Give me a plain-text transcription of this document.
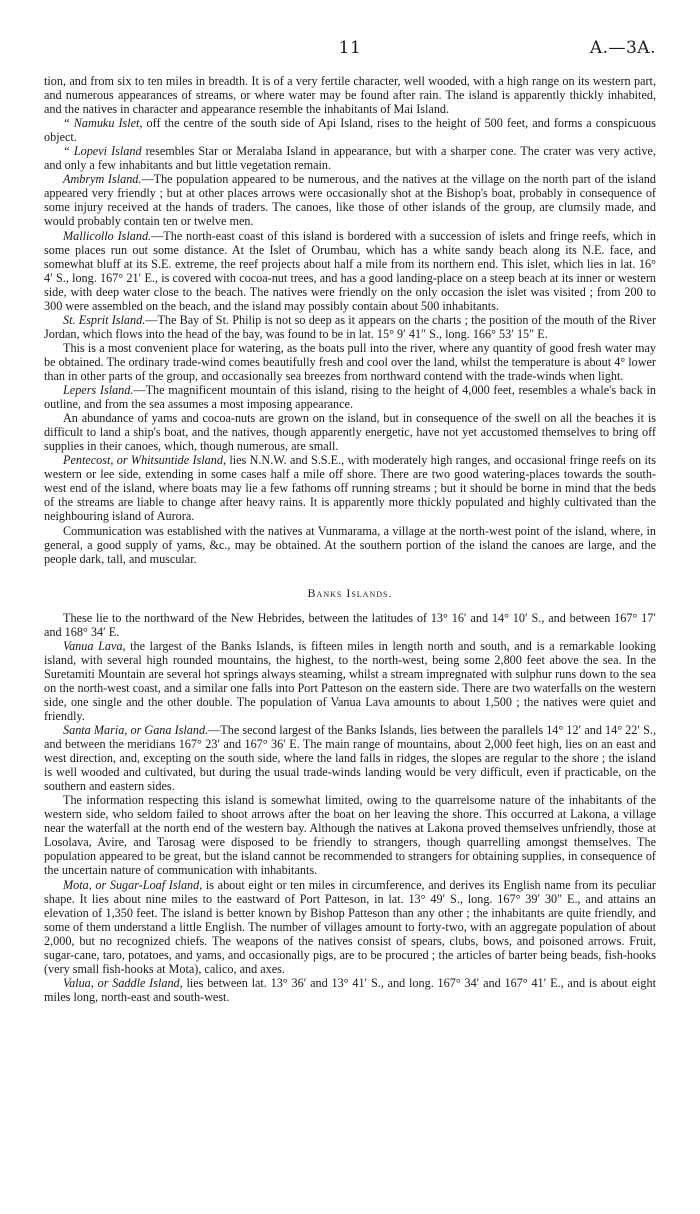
11	A.—3A.

tion, and from six to ten miles in breadth. It is of a very fertile character, well wooded, with a high range on its western part, and numerous appearances of streams, or where water may be found after rain. The island is apparently thickly inhabited, and the natives in character and appearance resemble the inhabitants of Mai Island.

“ Namuku Islet, off the centre of the south side of Api Island, rises to the height of 500 feet, and forms a conspicuous object.

“ Lopevi Island resembles Star or Meralaba Island in appearance, but with a sharper cone. The crater was very active, and only a few inhabitants and but little vegetation remain.

Ambrym Island.—The population appeared to be numerous, and the natives at the village on the north part of the island appeared very friendly ; but at other places arrows were occasionally shot at the Bishop's boat, probably in consequence of some injury received at the hands of traders. The canoes, like those of other islands of the group, are clumsily made, and would probably contain ten or twelve men.

Mallicollo Island.—The north-east coast of this island is bordered with a succession of islets and fringe reefs, which in some places run out some distance. At the Islet of Orumbau, which has a white sandy beach along its N.E. face, and somewhat bluff at its S.E. extreme, the reef projects about half a mile from its northern end. This islet, which lies in lat. 16° 4′ S., long. 167° 21′ E., is covered with cocoa-nut trees, and has a good landing-place on a steep beach at its inner or western side, with deep water close to the beach. The natives were friendly on the only occasion the islet was visited ; from 200 to 300 were assembled on the beach, and the island may possibly contain about 500 inhabitants.

St. Esprit Island.—The Bay of St. Philip is not so deep as it appears on the charts ; the position of the mouth of the River Jordan, which flows into the head of the bay, was found to be in lat. 15° 9′ 41″ S., long. 166° 53′ 15″ E.

This is a most convenient place for watering, as the boats pull into the river, where any quantity of good fresh water may be obtained. The ordinary trade-wind comes beautifully fresh and cool over the land, whilst the temperature is about 4° lower than in other parts of the group, and occasionally sea breezes from northward contend with the trade-winds when light.

Lepers Island.—The magnificent mountain of this island, rising to the height of 4,000 feet, resembles a whale's back in outline, and from the sea assumes a most imposing appearance.

An abundance of yams and cocoa-nuts are grown on the island, but in consequence of the swell on all the beaches it is difficult to land a ship's boat, and the natives, though apparently energetic, have not yet accustomed themselves to bring off supplies in their canoes, which, though numerous, are small.

Pentecost, or Whitsuntide Island, lies N.N.W. and S.S.E., with moderately high ranges, and occasional fringe reefs on its western or lee side, extending in some cases half a mile off shore. There are two good watering-places towards the south-west end of the island, where boats may lie a few fathoms off running streams ; but it should be borne in mind that the beds of the streams are liable to change after heavy rains. It is apparently more thickly populated and highly cultivated than the neighbouring island of Aurora.

Communication was established with the natives at Vunmarama, a village at the north-west point of the island, where, in general, a good supply of yams, &c., may be obtained. At the southern portion of the island the canoes are large, and the people dark, tall, and muscular.

Banks Islands.

These lie to the northward of the New Hebrides, between the latitudes of 13° 16′ and 14° 10′ S., and between 167° 17′ and 168° 34′ E.

Vanua Lava, the largest of the Banks Islands, is fifteen miles in length north and south, and is a remarkable looking island, with several high rounded mountains, the highest, to the north-west, being some 2,800 feet above the sea. In the Suretamiti Mountain are several hot springs always steaming, whilst a stream impregnated with sulphur runs down to the sea on the north-west coast, and a similar one falls into Port Patteson on the eastern side. There are two waterfalls on the western side, one single and the other double. The population of Vanua Lava amounts to about 1,500 ; the natives were quiet and friendly.

Santa Maria, or Gana Island.—The second largest of the Banks Islands, lies between the parallels 14° 12′ and 14° 22′ S., and between the meridians 167° 23′ and 167° 36′ E. The main range of mountains, about 2,000 feet high, lies on an east and west direction, and, excepting on the south side, where the land falls in ridges, the slopes are regular to the shore ; the island is well wooded and cultivated, but during the usual trade-winds landing would be very difficult, even if practicable, on the southern and eastern sides.

The information respecting this island is somewhat limited, owing to the quarrelsome nature of the inhabitants of the western side, who seldom failed to shoot arrows after the boat on her leaving the shore. This occurred at Lakona, a village near the waterfall at the north end of the western bay. Although the natives at Lakona proved themselves unfriendly, those at Losolava, Avire, and Tarosag were disposed to be friendly to strangers, though quarrelling amongst themselves. The population appeared to be great, but the island cannot be recommended to strangers for obtaining supplies, in consequence of the uncertain nature of communication with inhabitants.

Mota, or Sugar-Loaf Island, is about eight or ten miles in circumference, and derives its English name from its peculiar shape. It lies about nine miles to the eastward of Port Patteson, in lat. 13° 49′ S., long. 167° 39′ 30″ E., and attains an elevation of 1,350 feet. The island is better known by Bishop Patteson than any other ; the inhabitants are quite friendly, and some of them understand a little English. The number of villages amount to forty-two, with an aggregate population of about 2,000, but no recognized chiefs. The weapons of the natives consist of spears, clubs, bows, and poisoned arrows. Fruit, sugar-cane, taro, potatoes, and yams, and occasionally pigs, are to be procured ; the articles of barter being beads, fish-hooks (very small fish-hooks at Mota), calico, and axes.

Valua, or Saddle Island, lies between lat. 13° 36′ and 13° 41′ S., and long. 167° 34′ and 167° 41′ E., and is about eight miles long, north-east and south-west.
